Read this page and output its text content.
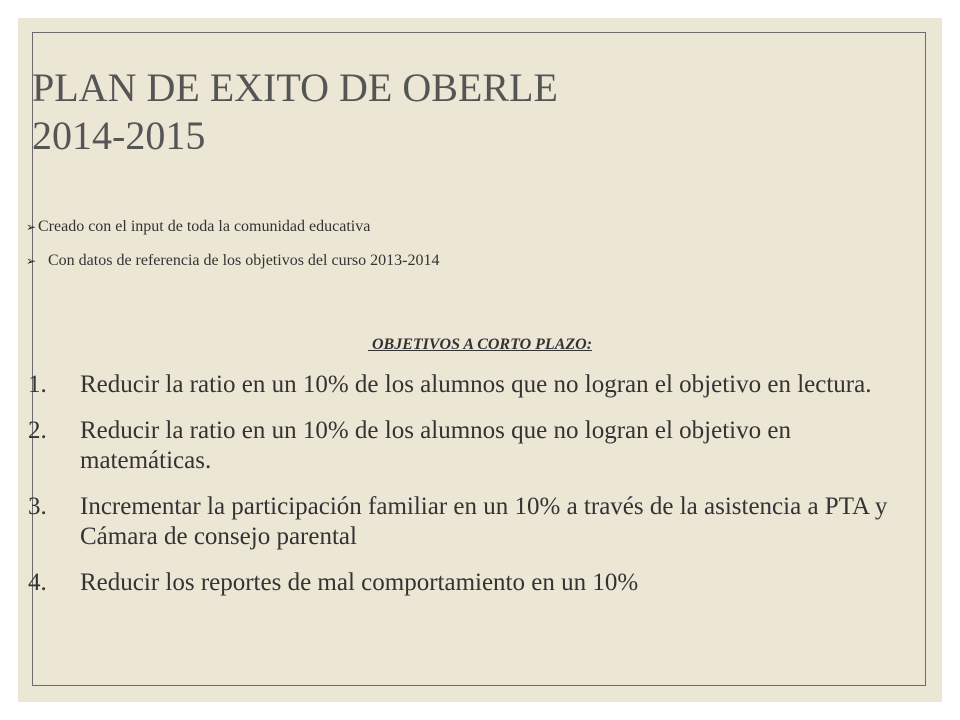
PLAN DE EXITO DE OBERLE
2014-2015
➢ Creado con el input de toda la comunidad educativa
➢ Con datos de referencia de los objetivos del curso 2013-2014
OBJETIVOS A CORTO PLAZO:
1.	Reducir la ratio en un 10% de los alumnos que no logran el objetivo en lectura.
2.	Reducir la ratio en un 10% de los alumnos que no logran el objetivo en matemáticas.
3.	Incrementar la participación familiar en un 10% a través de la asistencia a PTA y Cámara de consejo parental
4.	Reducir los reportes de mal comportamiento en un 10%
